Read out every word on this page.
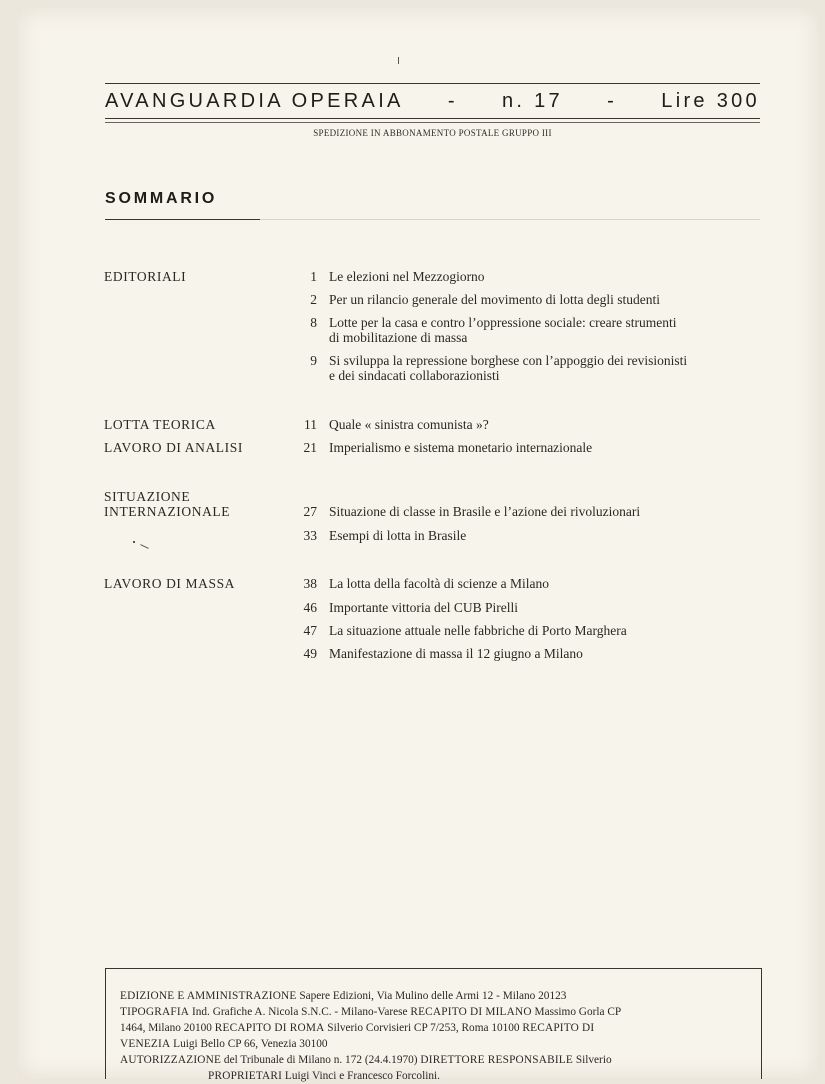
AVANGUARDIA OPERAIA - n. 17 - Lire 300
SPEDIZIONE IN ABBONAMENTO POSTALE GRUPPO III
SOMMARIO
EDITORIALI
LOTTA TEORICA
LAVORO DI ANALISI
SITUAZIONE
INTERNAZIONALE
LAVORO DI MASSA
1 Le elezioni nel Mezzogiorno
2 Per un rilancio generale del movimento di lotta degli studenti
8 Lotte per la casa e contro l’oppressione sociale: creare strumenti
di mobilitazione di massa
9 Si sviluppa la repressione borghese con l’appoggio dei revisionisti
e dei sindacati collaborazionisti
11 Quale « sinistra comunista »?
21 Imperialismo e sistema monetario internazionale
27 Situazione di classe in Brasile e l’azione dei rivoluzionari
33 Esempi di lotta in Brasile
38 La lotta della facoltà di scienze a Milano
46 Importante vittoria del CUB Pirelli
47 La situazione attuale nelle fabbriche di Porto Marghera
49 Manifestazione di massa il 12 giugno a Milano
EDIZIONE E AMMINISTRAZIONE Sapere Edizioni, Via Mulino delle Armi 12 - Milano 20123
TIPOGRAFIA Ind. Grafiche A. Nicola S.N.C. - Milano-Varese RECAPITO DI MILANO Massimo Gorla CP
1464, Milano 20100 RECAPITO DI ROMA Silverio Corvisieri CP 7/253, Roma 10100 RECAPITO DI
VENEZIA Luigi Bello CP 66, Venezia 30100
AUTORIZZAZIONE del Tribunale di Milano n. 172 (24.4.1970) DIRETTORE RESPONSABILE Silverio
PROPRIETARI Luigi Vinci e Francesco Forcolini.
